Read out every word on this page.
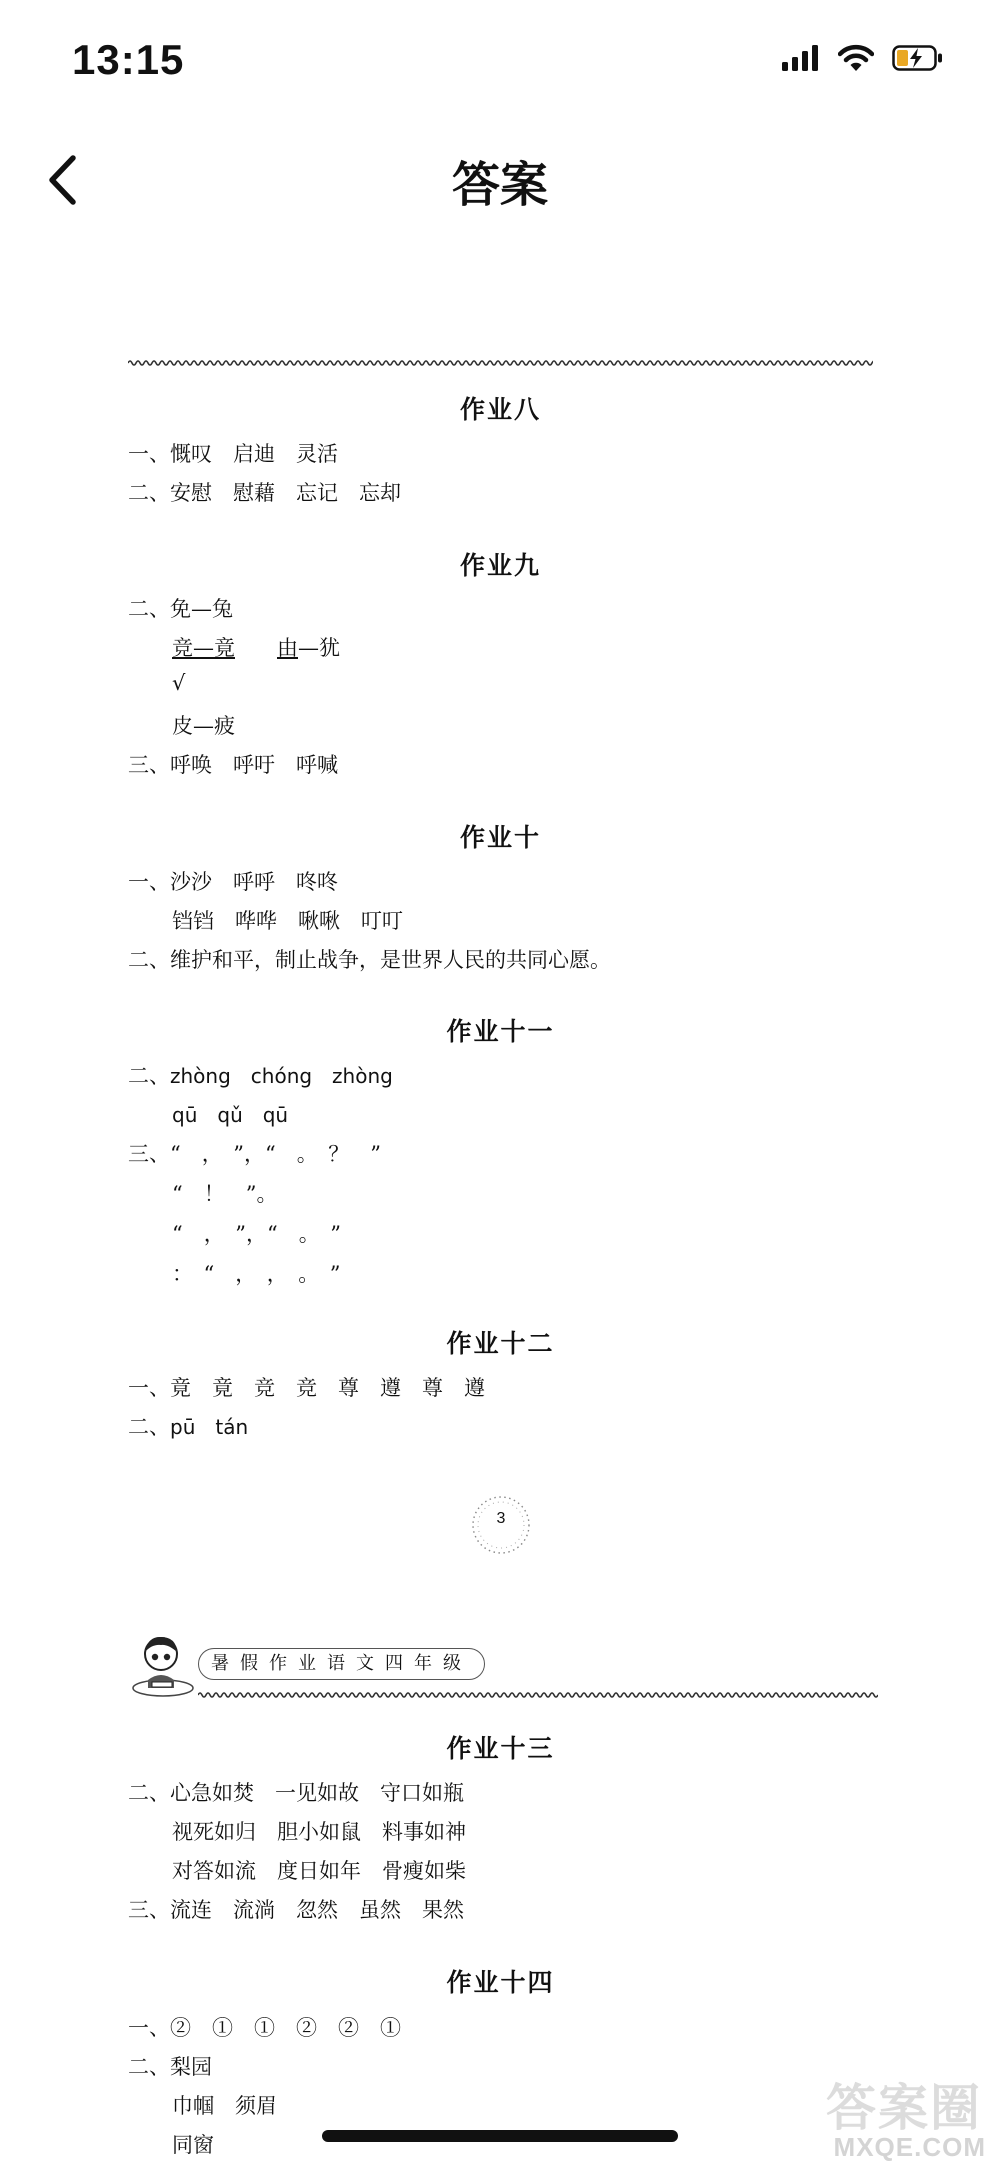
13:15
答案
作业八
一、慨叹　启迪　灵活
二、安慰　慰藉　忘记　忘却
作业九
二、免—兔
竞—竟　　 由—犹
√
皮—疲
三、呼唤　呼吁　呼喊
作业十
一、沙沙　呼呼　咚咚
铛铛　哗哗　啾啾　叮叮
二、维护和平，制止战争，是世界人民的共同心愿。
作业十一
二、zhòng　chóng　zhòng
qū　qǔ　qū
三、“　，　”，“　。　？　”
“　！　”。
“　，　”，“　。　”
：　“　，　，　。　”
作业十二
一、竟　竟　竞　竞　尊　遵　尊　遵
二、pū　tán
3
暑假作业语文四年级
作业十三
二、心急如焚　一见如故　守口如瓶
视死如归　胆小如鼠　料事如神
对答如流　度日如年　骨瘦如柴
三、流连　流淌　忽然　虽然　果然
作业十四
一、②　①　①　②　②　①
二、梨园
巾帼　须眉
同窗
答案圈
MXQE.COM
